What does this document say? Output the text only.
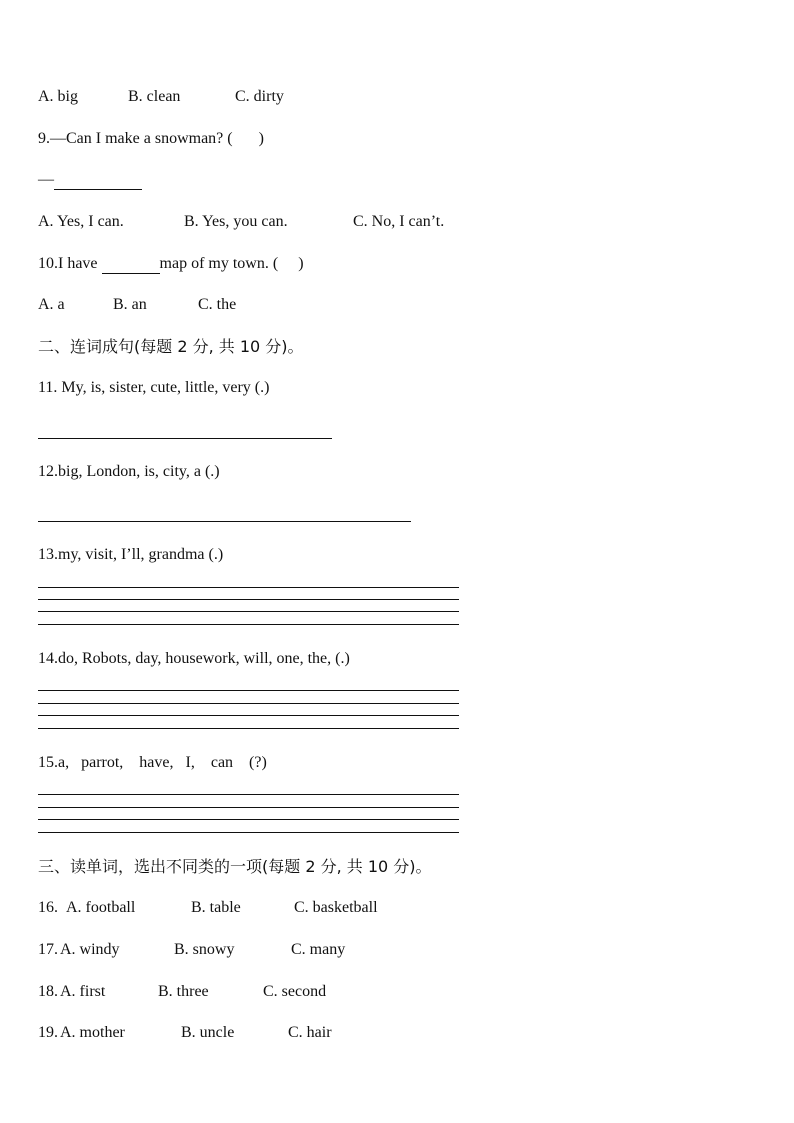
A. big	B. clean	C. dirty
9.—Can I make a snowman? ( )
—
A. Yes, I can.	B. Yes, you can.	C. No, I can’t.
10.I have	map of my town. ( )
A. a	B. an	C. the
二、连词成句(每题 2 分, 共 10 分)。
11. My, is, sister, cute, little, very (.)
12.big, London, is, city, a (.)
13.my, visit, I’ll, grandma (.)
14.do, Robots, day, housework, will, one, the, (.)
15.a,   parrot,    have,   I,    can    (?)
三、读单词，选出不同类的一项(每题 2 分, 共 10 分)。
16. A. football	B. table	C. basketball
17. A. windy	B. snowy	C. many
18. A. first	B. three	C. second
19. A. mother	B. uncle	C. hair
